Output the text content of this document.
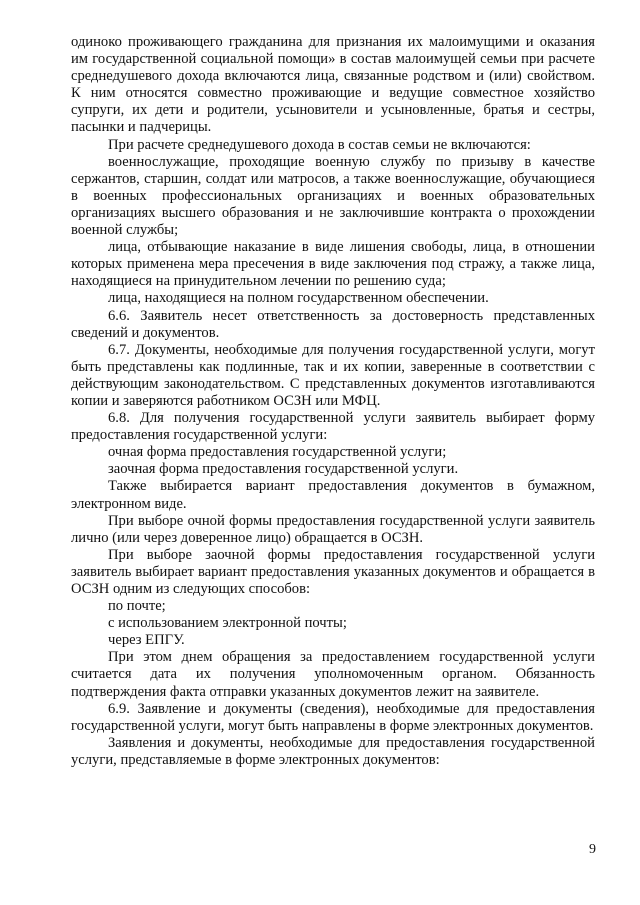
одиноко проживающего гражданина для признания их малоимущими и оказания им государственной социальной помощи» в состав малоимущей семьи при расчете среднедушевого дохода включаются лица, связанные родством и (или) свойством. К ним относятся совместно проживающие и ведущие совместное хозяйство супруги, их дети и родители, усыновители и усыновленные, братья и сестры, пасынки и падчерицы.

При расчете среднедушевого дохода в состав семьи не включаются:

военнослужащие, проходящие военную службу по призыву в качестве сержантов, старшин, солдат или матросов, а также военнослужащие, обучающиеся в военных профессиональных организациях и военных образовательных организациях высшего образования и не заключившие контракта о прохождении военной службы;

лица, отбывающие наказание в виде лишения свободы, лица, в отношении которых применена мера пресечения в виде заключения под стражу, а также лица, находящиеся на принудительном лечении по решению суда;

лица, находящиеся на полном государственном обеспечении.

6.6. Заявитель несет ответственность за достоверность представленных сведений и документов.

6.7. Документы, необходимые для получения государственной услуги, могут быть представлены как подлинные, так и их копии, заверенные в соответствии с действующим законодательством. С представленных документов изготавливаются копии и заверяются работником ОСЗН или МФЦ.

6.8. Для получения государственной услуги заявитель выбирает форму предоставления государственной услуги:

очная форма предоставления государственной услуги;

заочная форма предоставления государственной услуги.

Также выбирается вариант предоставления документов в бумажном, электронном виде.

При выборе очной формы предоставления государственной услуги заявитель лично (или через доверенное лицо) обращается в ОСЗН.

При выборе заочной формы предоставления государственной услуги заявитель выбирает вариант предоставления указанных документов и обращается в ОСЗН одним из следующих способов:

по почте;

с использованием электронной почты;

через ЕПГУ.

При этом днем обращения за предоставлением государственной услуги считается дата их получения уполномоченным органом. Обязанность подтверждения факта отправки указанных документов лежит на заявителе.

6.9. Заявление и документы (сведения), необходимые для предоставления государственной услуги, могут быть направлены в форме электронных документов.

Заявления и документы, необходимые для предоставления государственной услуги, представляемые в форме электронных документов:

9
